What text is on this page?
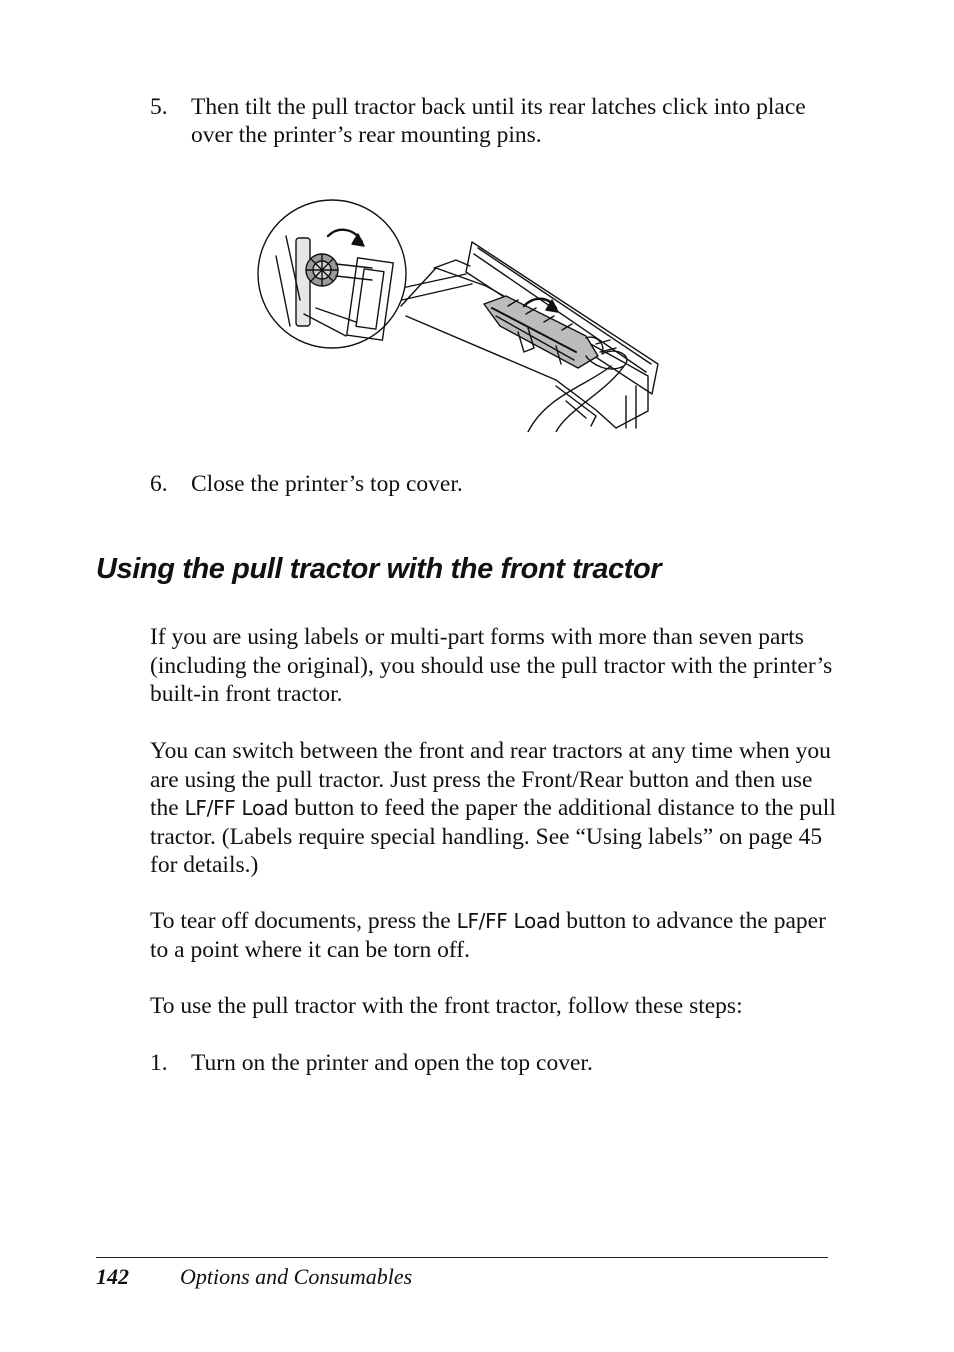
5. Then tilt the pull tractor back until its rear latches click into place over the printer’s rear mounting pins.
6. Close the printer’s top cover.
Using the pull tractor with the front tractor

If you are using labels or multi-part forms with more than seven parts (including the original), you should use the pull tractor with the printer’s built-in front tractor.

You can switch between the front and rear tractors at any time when you are using the pull tractor. Just press the Front/Rear button and then use the LF/FF Load button to feed the paper the additional distance to the pull tractor. (Labels require special handling. See “Using labels” on page 45 for details.)

To tear off documents, press the LF/FF Load button to advance the paper to a point where it can be torn off.

To use the pull tractor with the front tractor, follow these steps:

1. Turn on the printer and open the top cover.
142 Options and Consumables
